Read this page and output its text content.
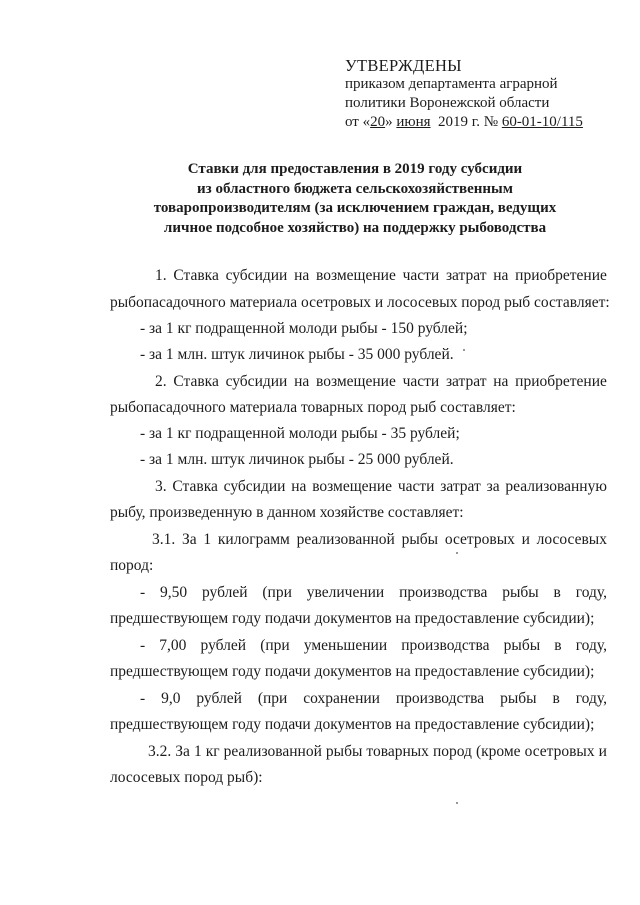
УТВЕРЖДЕНЫ
приказом департамента аграрной
политики Воронежской области
от «20» июня 2019 г. № 60-01-10/115
Ставки для предоставления в 2019 году субсидии
из областного бюджета сельскохозяйственным
товаропроизводителям (за исключением граждан, ведущих
личное подсобное хозяйство) на поддержку рыбоводства
1. Ставка субсидии на возмещение части затрат на приобретение
рыбопасадочного материала осетровых и лососевых пород рыб составляет:
- за 1 кг подращенной молоди рыбы - 150 рублей;
- за 1 млн. штук личинок рыбы - 35 000 рублей.
2. Ставка субсидии на возмещение части затрат на приобретение
рыбопасадочного материала товарных пород рыб составляет:
- за 1 кг подращенной молоди рыбы - 35 рублей;
- за 1 млн. штук личинок рыбы - 25 000 рублей.
3. Ставка субсидии на возмещение части затрат за реализованную
рыбу, произведенную в данном хозяйстве составляет:
3.1. За 1 килограмм реализованной рыбы осетровых и лососевых
пород:
- 9,50 рублей (при увеличении производства рыбы в году,
предшествующем году подачи документов на предоставление субсидии);
- 7,00 рублей (при уменьшении производства рыбы в году,
предшествующем году подачи документов на предоставление субсидии);
- 9,0 рублей (при сохранении производства рыбы в году,
предшествующем году подачи документов на предоставление субсидии);
3.2. За 1 кг реализованной рыбы товарных пород (кроме осетровых и
лососевых пород рыб):
